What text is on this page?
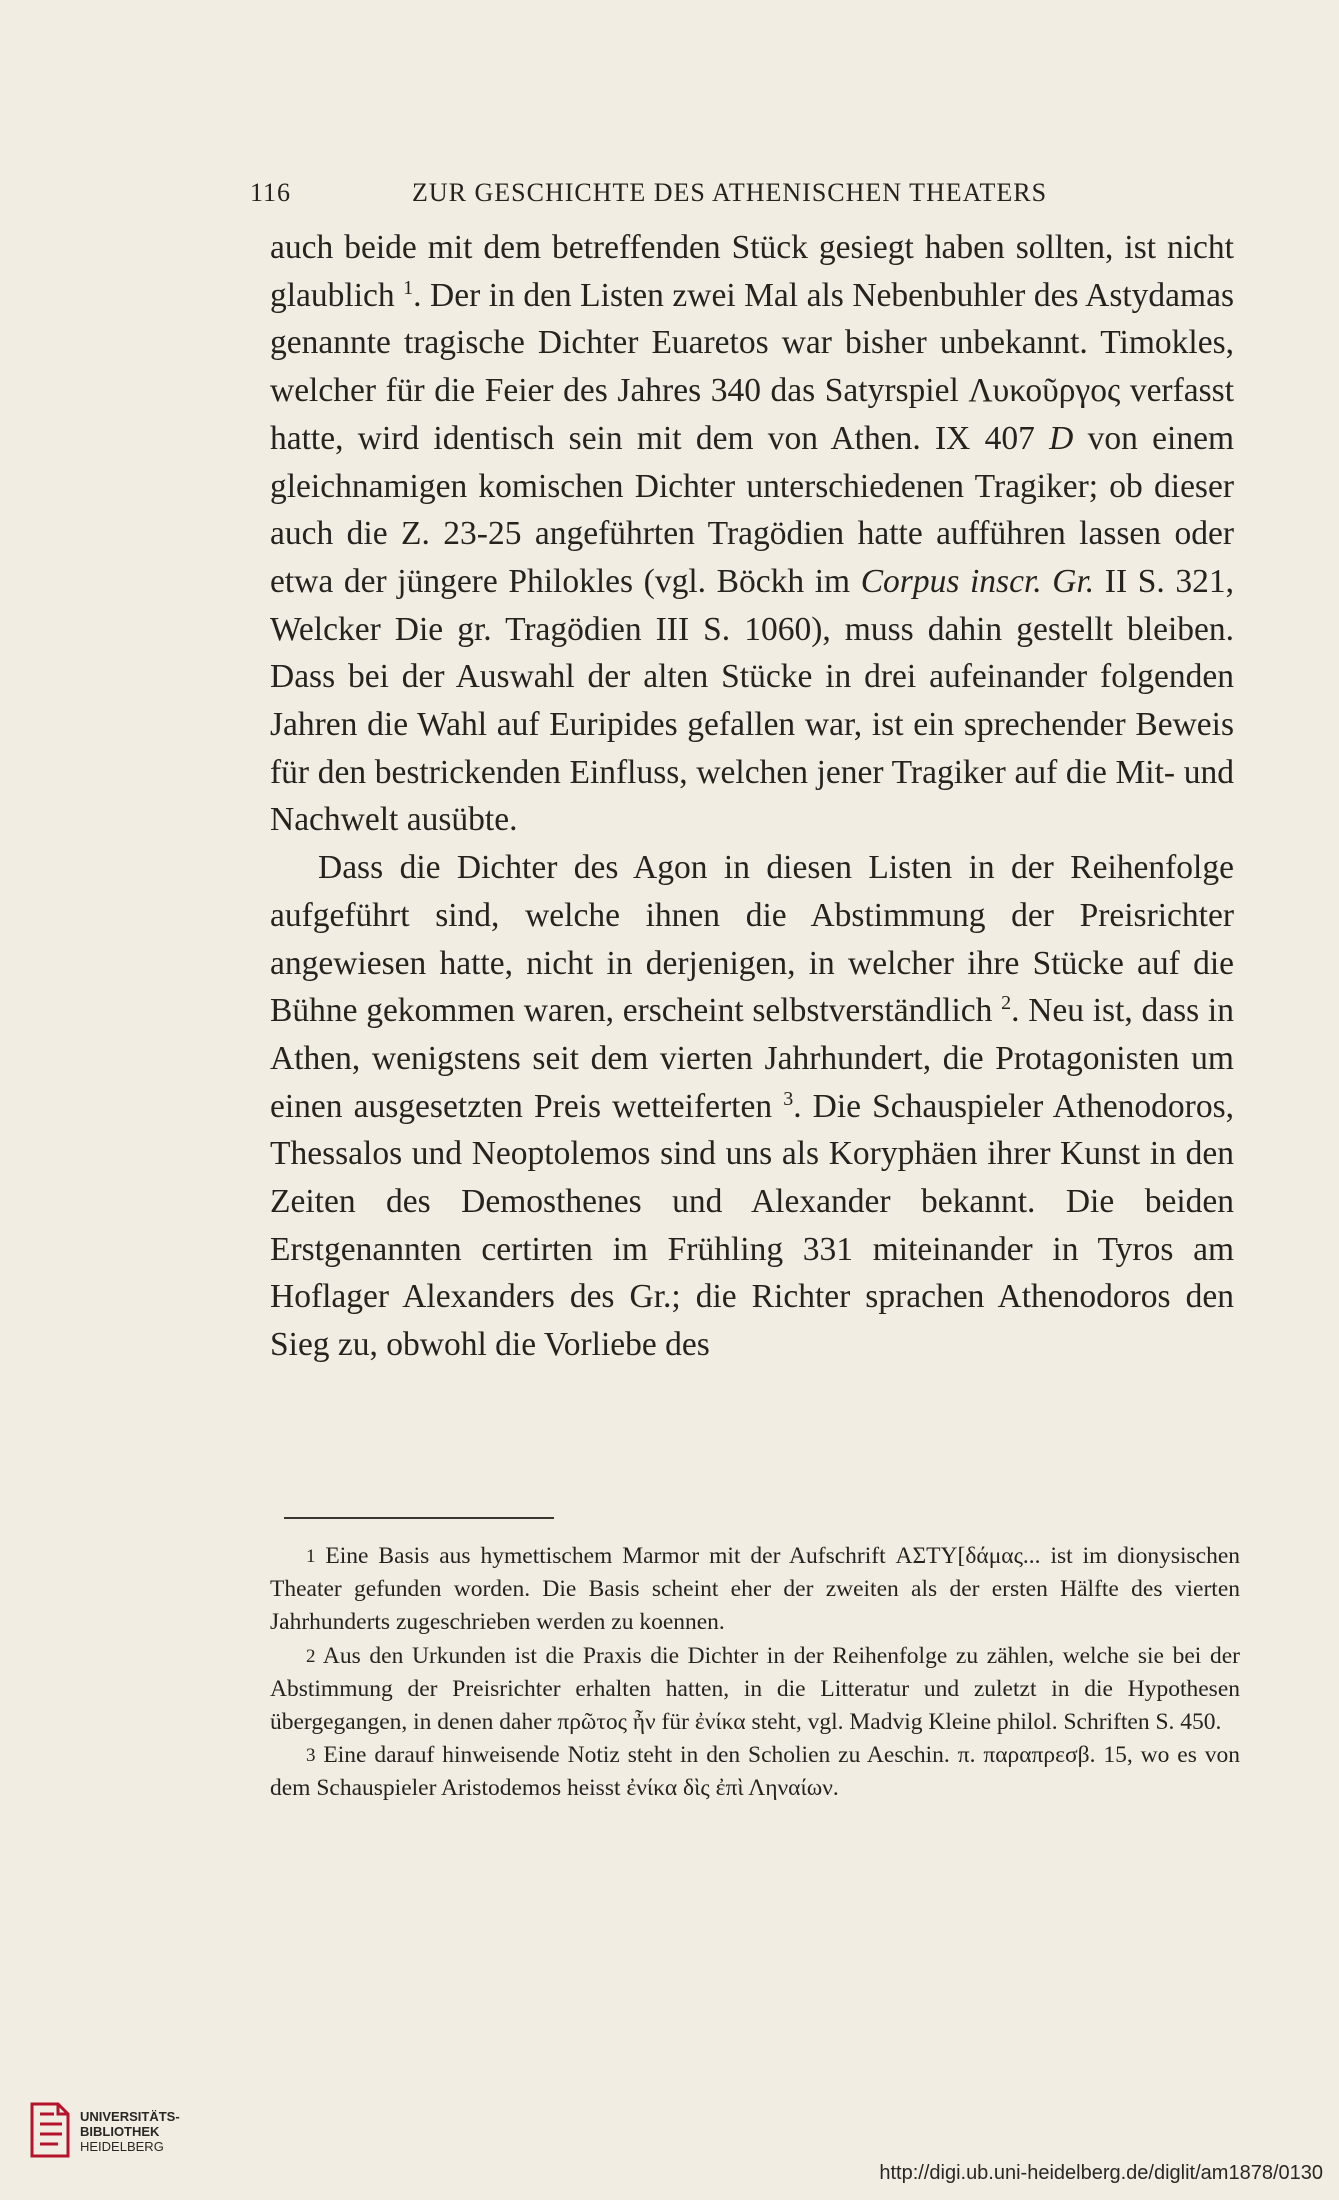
116	ZUR GESCHICHTE DES ATHENISCHEN THEATERS

auch beide mit dem betreffenden Stück gesiegt haben sollten, ist nicht glaublich $^1$. Der in den Listen zwei Mal als Nebenbuhler des Astydamas genannte tragische Dichter Euaretos war bisher unbekannt. Timokles, welcher für die Feier des Jahres 340 das Satyrspiel Λυκοῦργος verfasst hatte, wird identisch sein mit dem von Athen. IX 407 D von einem gleichnamigen komischen Dichter unterschiedenen Tragiker; ob dieser auch die Z. 23-25 angeführten Tragödien hatte aufführen lassen oder etwa der jüngere Philokles (vgl. Böckh im Corpus inscr. Gr. II S. 321, Welcker Die gr. Tragödien III S. 1060), muss dahin gestellt bleiben. Dass bei der Auswahl der alten Stücke in drei aufeinander folgenden Jahren die Wahl auf Euripides gefallen war, ist ein sprechender Beweis für den bestrickenden Einfluss, welchen jener Tragiker auf die Mit- und Nachwelt ausübte.

Dass die Dichter des Agon in diesen Listen in der Reihenfolge aufgeführt sind, welche ihnen die Abstimmung der Preisrichter angewiesen hatte, nicht in derjenigen, in welcher ihre Stücke auf die Bühne gekommen waren, erscheint selbstverständlich $^2$. Neu ist, dass in Athen, wenigstens seit dem vierten Jahrhundert, die Protagonisten um einen ausgesetzten Preis wetteiferten $^3$. Die Schauspieler Athenodoros, Thessalos und Neoptolemos sind uns als Koryphäen ihrer Kunst in den Zeiten des Demosthenes und Alexander bekannt. Die beiden Erstgenannten certirten im Frühling 331 miteinander in Tyros am Hoflager Alexanders des Gr.; die Richter sprachen Athenodoros den Sieg zu, obwohl die Vorliebe des

1 Eine Basis aus hymettischem Marmor mit der Aufschrift ΑΣΤΥ[δάμας... ist im dionysischen Theater gefunden worden. Die Basis scheint eher der zweiten als der ersten Hälfte des vierten Jahrhunderts zugeschrieben werden zu koennen.

2 Aus den Urkunden ist die Praxis die Dichter in der Reihenfolge zu zählen, welche sie bei der Abstimmung der Preisrichter erhalten hatten, in die Litteratur und zuletzt in die Hypothesen übergegangen, in denen daher πρῶτος ἦν für ἐνίκα steht, vgl. Madvig Kleine philol. Schriften S. 450.

3 Eine darauf hinweisende Notiz steht in den Scholien zu Aeschin. π. παραπρεσβ. 15, wo es von dem Schauspieler Aristodemos heisst ἐνίκα δὶς ἐπὶ Ληναίων.

UNIVERSITÄTS-
BIBLIOTHEK
HEIDELBERG
http://digi.ub.uni-heidelberg.de/diglit/am1878/0130
